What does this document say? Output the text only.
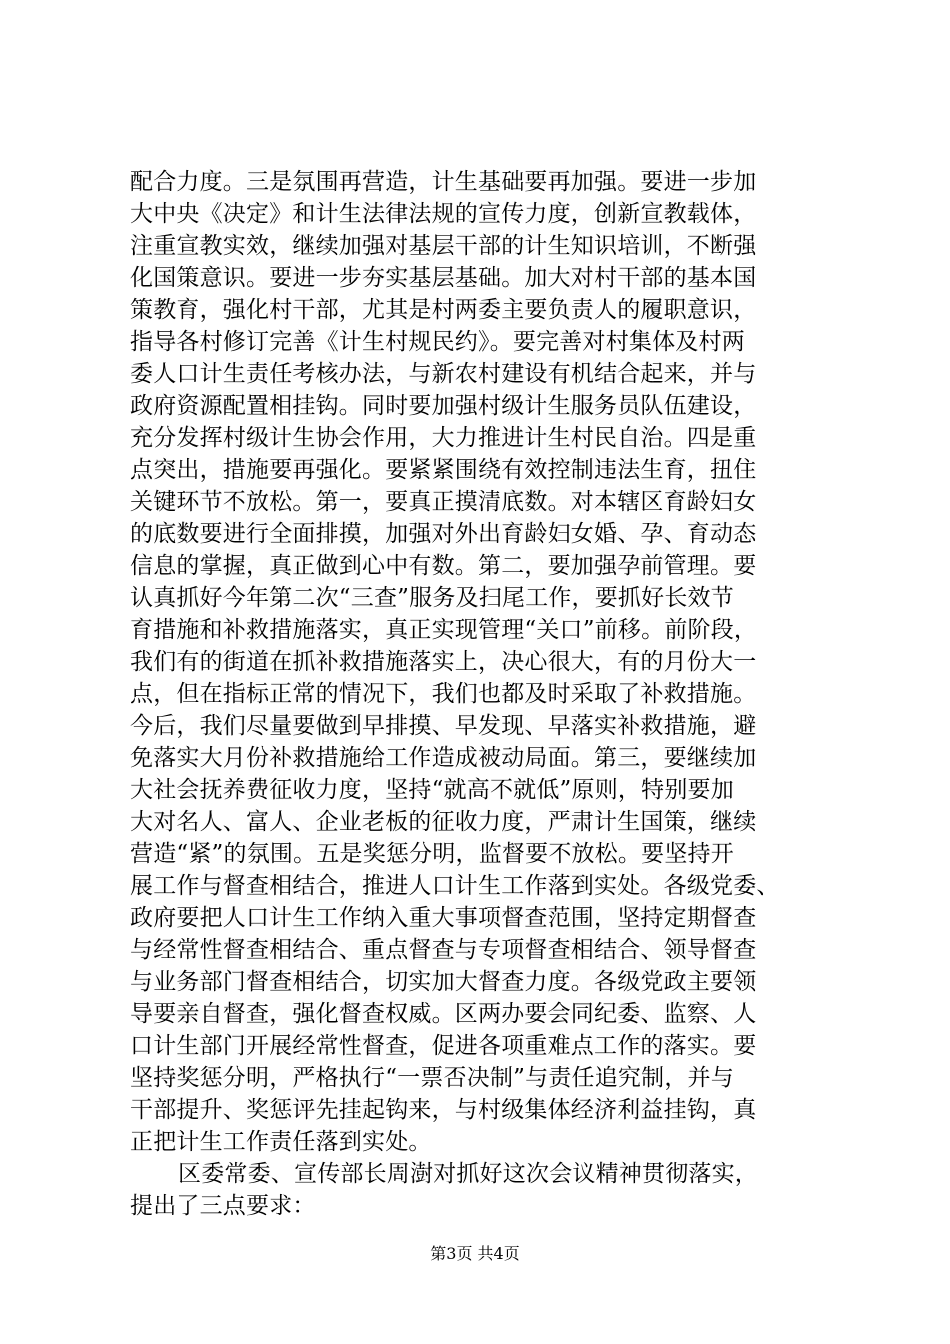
配合力度。三是氛围再营造，计生基础要再加强。要进一步加
大中央《决定》和计生法律法规的宣传力度，创新宣教载体，
注重宣教实效，继续加强对基层干部的计生知识培训，不断强
化国策意识。要进一步夯实基层基础。加大对村干部的基本国
策教育，强化村干部，尤其是村两委主要负责人的履职意识，
指导各村修订完善《计生村规民约》。要完善对村集体及村两
委人口计生责任考核办法，与新农村建设有机结合起来，并与
政府资源配置相挂钩。同时要加强村级计生服务员队伍建设，
充分发挥村级计生协会作用，大力推进计生村民自治。四是重
点突出，措施要再强化。要紧紧围绕有效控制违法生育，扭住
关键环节不放松。第一，要真正摸清底数。对本辖区育龄妇女
的底数要进行全面排摸，加强对外出育龄妇女婚、孕、育动态
信息的掌握，真正做到心中有数。第二，要加强孕前管理。要
认真抓好今年第二次“三查”服务及扫尾工作，要抓好长效节
育措施和补救措施落实，真正实现管理“关口”前移。前阶段，
我们有的街道在抓补救措施落实上，决心很大，有的月份大一
点，但在指标正常的情况下，我们也都及时采取了补救措施。
今后，我们尽量要做到早排摸、早发现、早落实补救措施，避
免落实大月份补救措施给工作造成被动局面。第三，要继续加
大社会抚养费征收力度，坚持“就高不就低”原则，特别要加
大对名人、富人、企业老板的征收力度，严肃计生国策，继续
营造“紧”的氛围。五是奖惩分明，监督要不放松。要坚持开
展工作与督查相结合，推进人口计生工作落到实处。各级党委、
政府要把人口计生工作纳入重大事项督查范围，坚持定期督查
与经常性督查相结合、重点督查与专项督查相结合、领导督查
与业务部门督查相结合，切实加大督查力度。各级党政主要领
导要亲自督查，强化督查权威。区两办要会同纪委、监察、人
口计生部门开展经常性督查，促进各项重难点工作的落实。要
坚持奖惩分明，严格执行“一票否决制”与责任追究制，并与
干部提升、奖惩评先挂起钩来，与村级集体经济利益挂钩，真
正把计生工作责任落到实处。
区委常委、宣传部长周澍对抓好这次会议精神贯彻落实，
提出了三点要求：
第3页 共4页
